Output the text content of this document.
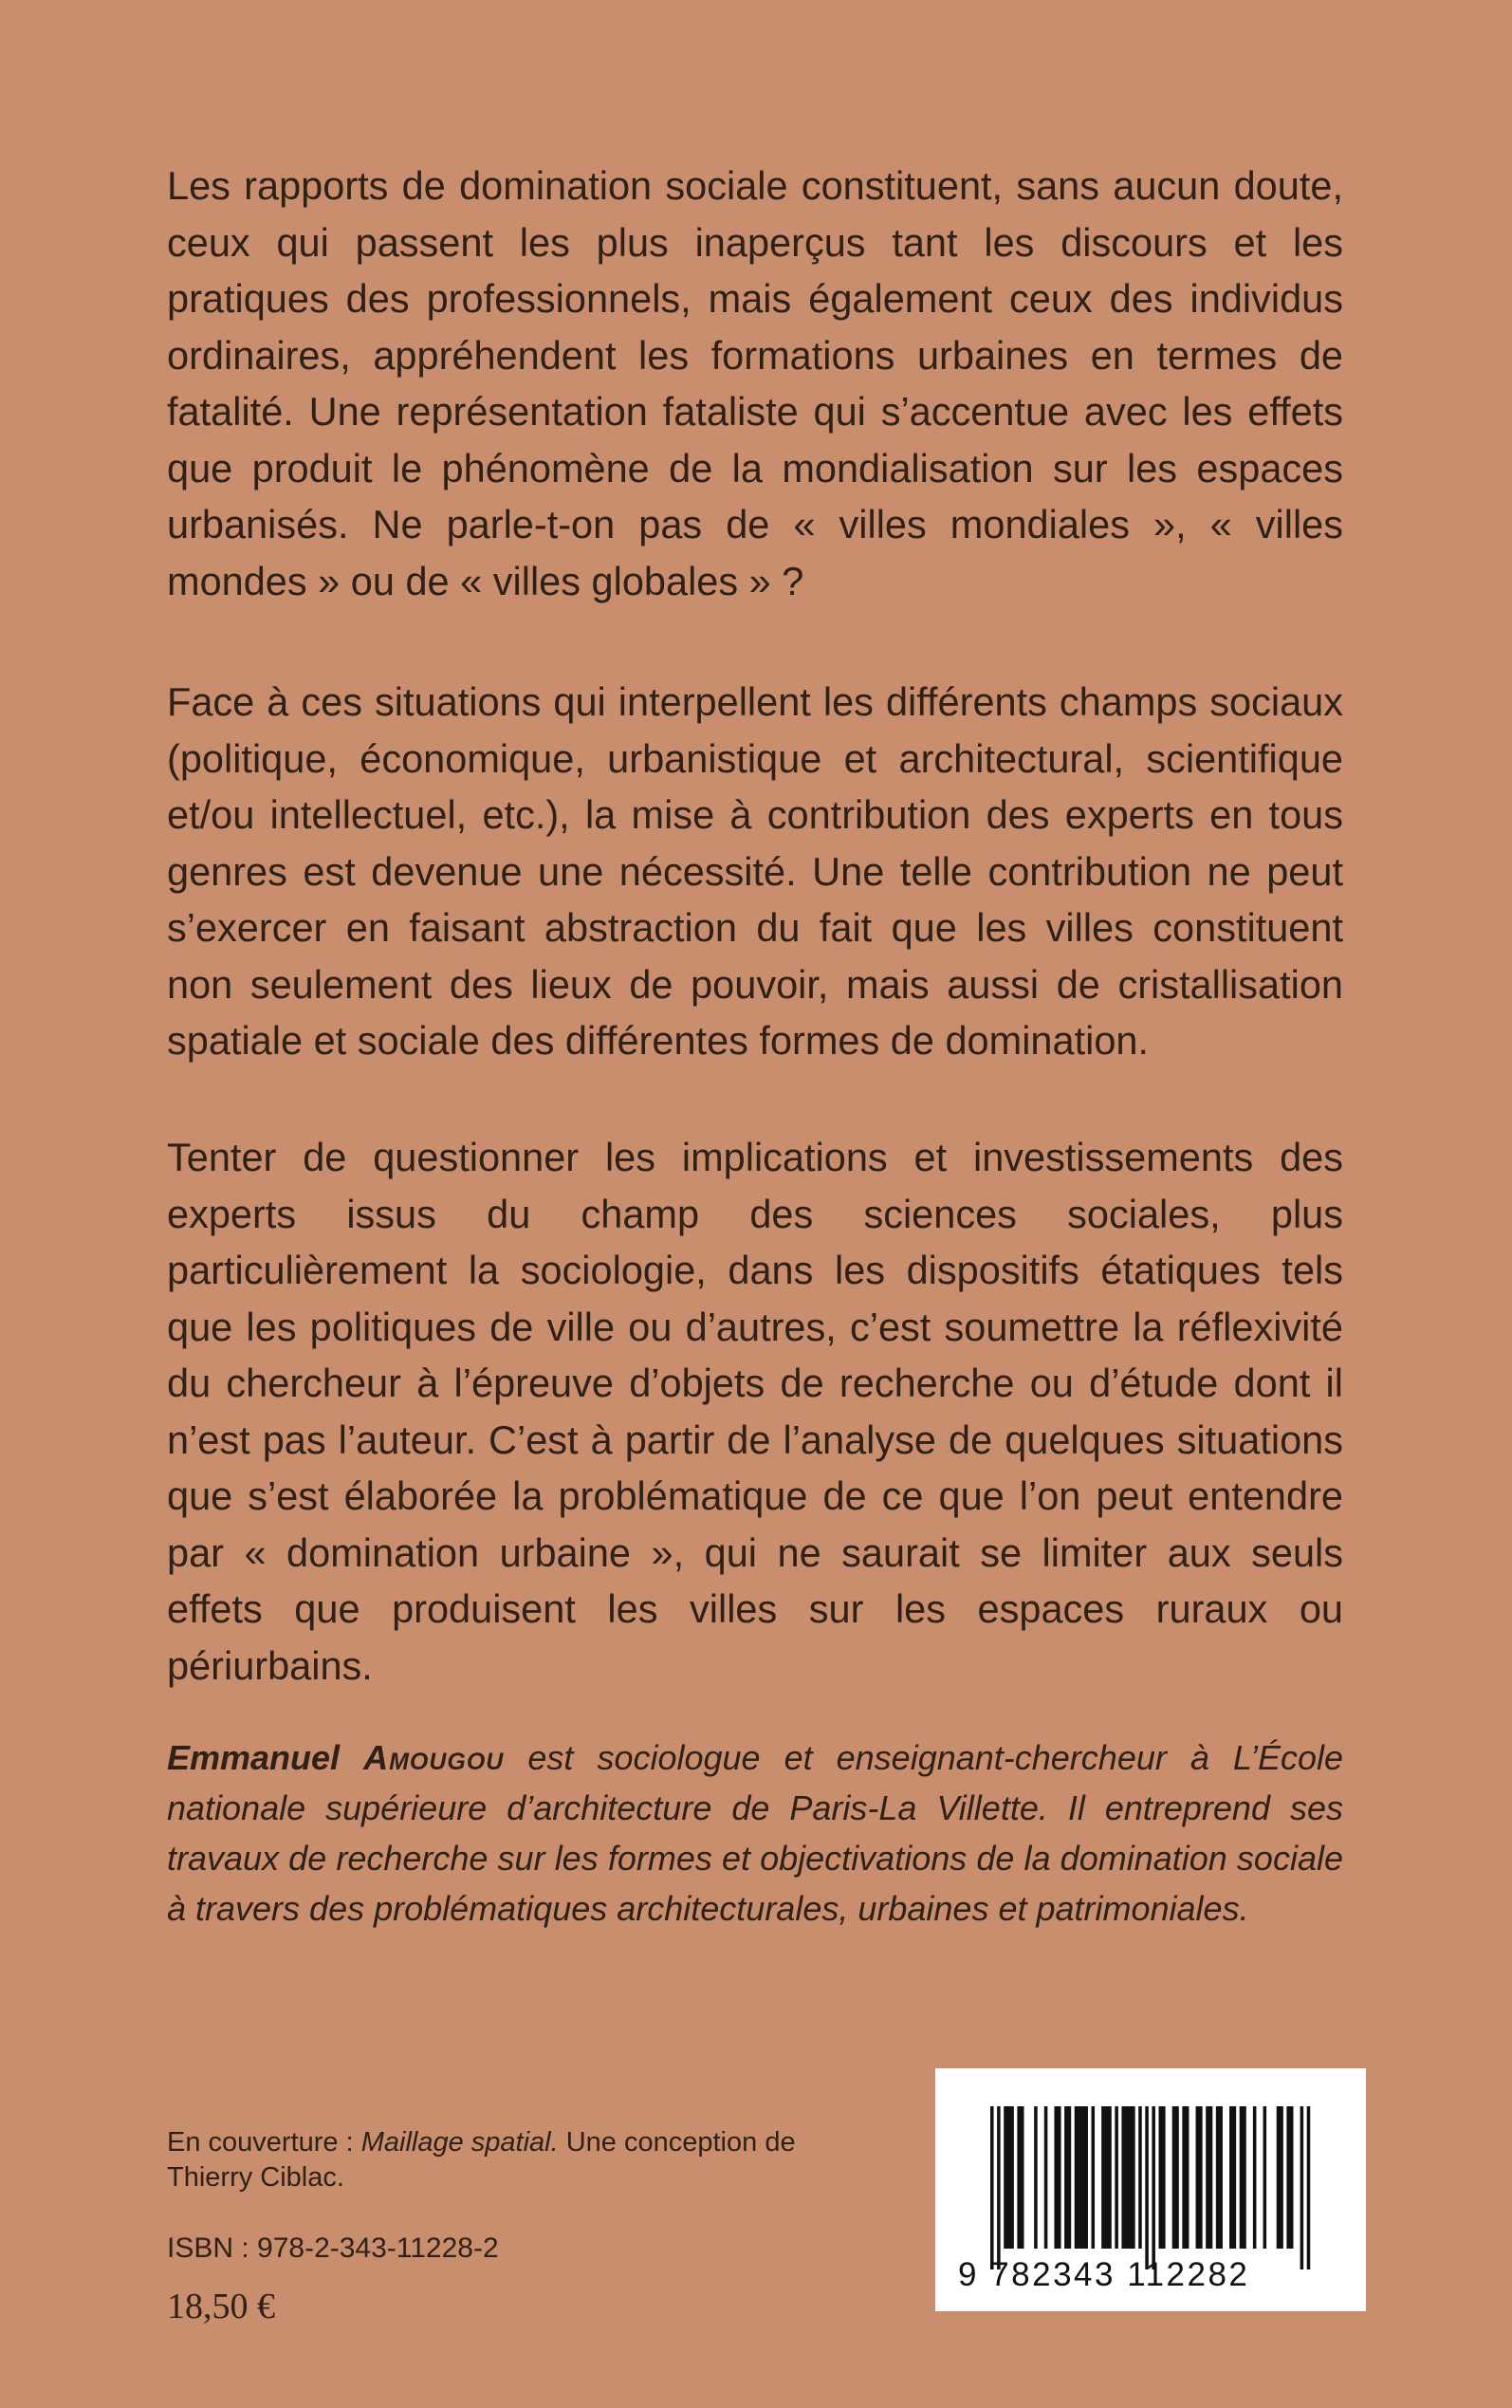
Les rapports de domination sociale constituent, sans aucun doute, ceux qui passent les plus inaperçus tant les discours et les pratiques des professionnels, mais également ceux des individus ordinaires, appréhendent les formations urbaines en termes de fatalité. Une représentation fataliste qui s’accentue avec les effets que produit le phénomène de la mondialisation sur les espaces urbanisés. Ne parle-t-on pas de « villes mondiales », « villes mondes » ou de « villes globales » ?

Face à ces situations qui interpellent les différents champs sociaux (politique, économique, urbanistique et architectural, scientifique et/ou intellectuel, etc.), la mise à contribution des experts en tous genres est devenue une nécessité. Une telle contribution ne peut s’exercer en faisant abstraction du fait que les villes constituent non seulement des lieux de pouvoir, mais aussi de cristallisation spatiale et sociale des différentes formes de domination.

Tenter de questionner les implications et investissements des experts issus du champ des sciences sociales, plus particulièrement la sociologie, dans les dispositifs étatiques tels que les politiques de ville ou d’autres, c’est soumettre la réflexivité du chercheur à l’épreuve d’objets de recherche ou d’étude dont il n’est pas l’auteur. C’est à partir de l’analyse de quelques situations que s’est élaborée la problématique de ce que l’on peut entendre par « domination urbaine », qui ne saurait se limiter aux seuls effets que produisent les villes sur les espaces ruraux ou périurbains.

Emmanuel Amougou est sociologue et enseignant-chercheur à L’École nationale supérieure d’architecture de Paris-La Villette. Il entreprend ses travaux de recherche sur les formes et objectivations de la domination sociale à travers des problématiques architecturales, urbaines et patrimoniales.

En couverture : Maillage spatial. Une conception de Thierry Ciblac.
ISBN : 978-2-343-11228-2
18,50 €
9 782343 112282
